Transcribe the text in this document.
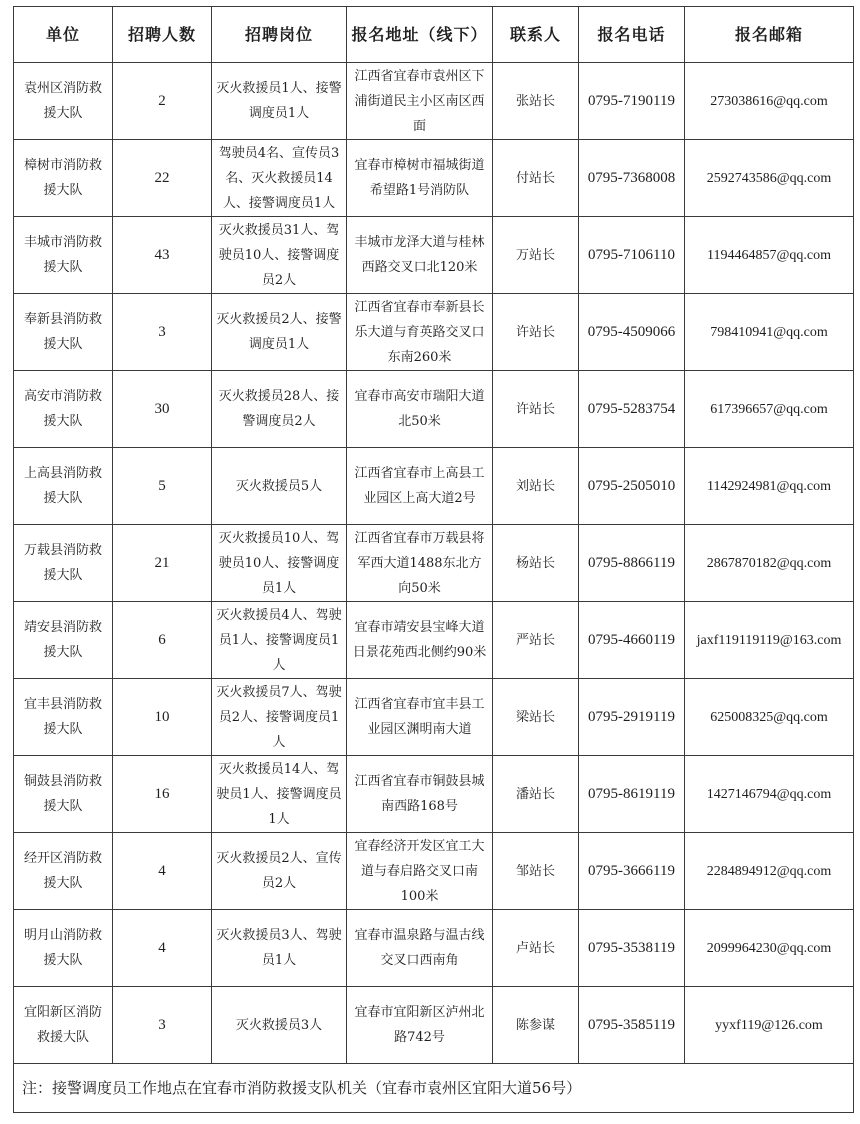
单位	招聘人数	招聘岗位	报名地址（线下）	联系人	报名电话	报名邮箱
袁州区消防救援大队	2	灭火救援员1人、接警调度员1人	江西省宜春市袁州区下浦街道民主小区南区西面	张站长	0795-7190119	273038616@qq.com
樟树市消防救援大队	22	驾驶员4名、宣传员3名、灭火救援员14人、接警调度员1人	宜春市樟树市福城街道希望路1号消防队	付站长	0795-7368008	2592743586@qq.com
丰城市消防救援大队	43	灭火救援员31人、驾驶员10人、接警调度员2人	丰城市龙泽大道与桂林西路交叉口北120米	万站长	0795-7106110	1194464857@qq.com
奉新县消防救援大队	3	灭火救援员2人、接警调度员1人	江西省宜春市奉新县长乐大道与育英路交叉口东南260米	许站长	0795-4509066	798410941@qq.com
高安市消防救援大队	30	灭火救援员28人、接警调度员2人	宜春市高安市瑞阳大道北50米	许站长	0795-5283754	617396657@qq.com
上高县消防救援大队	5	灭火救援员5人	江西省宜春市上高县工业园区上高大道2号	刘站长	0795-2505010	1142924981@qq.com
万载县消防救援大队	21	灭火救援员10人、驾驶员10人、接警调度员1人	江西省宜春市万载县将军西大道1488东北方向50米	杨站长	0795-8866119	2867870182@qq.com
靖安县消防救援大队	6	灭火救援员4人、驾驶员1人、接警调度员1人	宜春市靖安县宝峰大道日景花苑西北侧约90米	严站长	0795-4660119	jaxf119119119@163.com
宜丰县消防救援大队	10	灭火救援员7人、驾驶员2人、接警调度员1人	江西省宜春市宜丰县工业园区渊明南大道	梁站长	0795-2919119	625008325@qq.com
铜鼓县消防救援大队	16	灭火救援员14人、驾驶员1人、接警调度员1人	江西省宜春市铜鼓县城南西路168号	潘站长	0795-8619119	1427146794@qq.com
经开区消防救援大队	4	灭火救援员2人、宣传员2人	宜春经济开发区宜工大道与春启路交叉口南100米	邹站长	0795-3666119	2284894912@qq.com
明月山消防救援大队	4	灭火救援员3人、驾驶员1人	宜春市温泉路与温古线交叉口西南角	卢站长	0795-3538119	2099964230@qq.com
宜阳新区消防救援大队	3	灭火救援员3人	宜春市宜阳新区泸州北路742号	陈参谋	0795-3585119	yyxf119@126.com
注：接警调度员工作地点在宜春市消防救援支队机关（宜春市袁州区宜阳大道56号）						
